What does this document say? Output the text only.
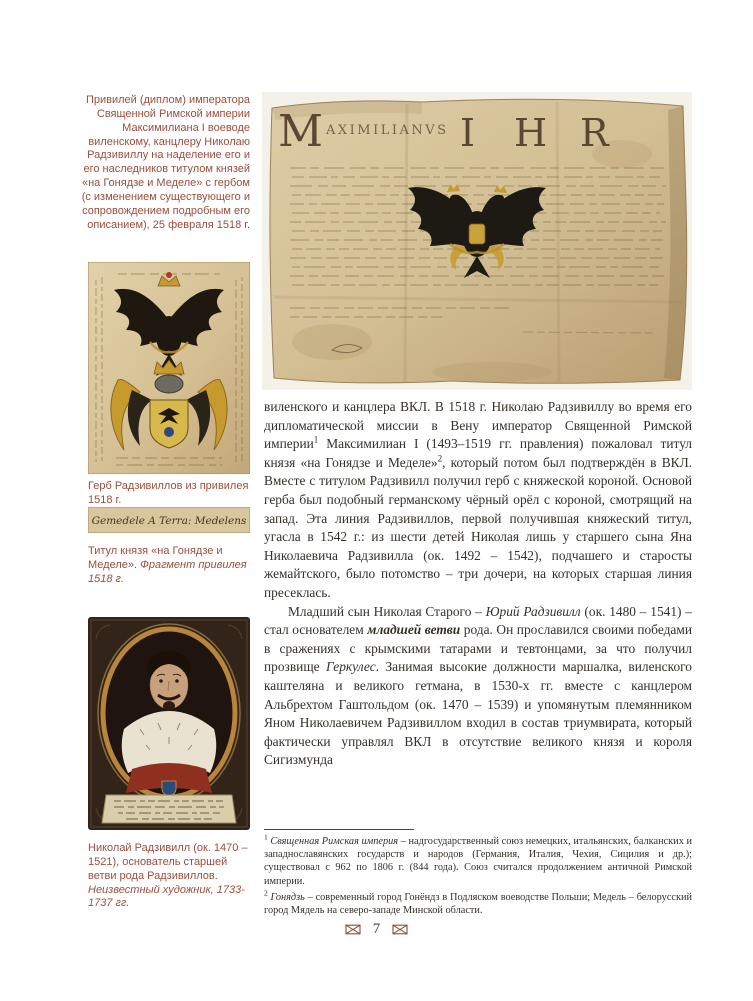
Привилей (диплом) императора Священной Римской империи Максимилиана I воеводе виленскому, канцлеру Николаю Радзивиллу на наделение его и его наследников титулом князей «на Гонядзе и Меделе» с гербом (с изменением существующего и сопровождением подробным его описанием), 25 февраля 1518 г.

Герб Радзивиллов из привилея 1518 г.

Gemedele A Terra: Medelens

Титул князя «на Гонядзе и Меделе». Фрагмент привилея 1518 г.

Николай Радзивилл (ок. 1470 – 1521), основатель старшей ветви рода Радзивиллов. Неизвестный художник, 1733-1737 гг.

M AXIMILIANVS I H R

виленского и канцлера ВКЛ. В 1518 г. Николаю Радзивиллу во время его дипломатической миссии в Вену император Священной Римской империи$^1$ Максимилиан I (1493–1519 гг. правления) пожаловал титул князя «на Гонядзе и Меделе»$^2$, который потом был подтверждён в ВКЛ. Вместе с титулом Радзивилл получил герб с княжеской короной. Основой герба был подобный германскому чёрный орёл с короной, смотрящий на запад. Эта линия Радзивиллов, первой получившая княжеский титул, угасла в 1542 г.: из шести детей Николая лишь у старшего сына Яна Николаевича Радзивилла (ок. 1492 – 1542), подчашего и старосты жемайтского, было потомство – три дочери, на которых старшая линия пресеклась.

Младший сын Николая Старого – Юрий Радзивилл (ок. 1480 – 1541) – стал основателем младшей ветви рода. Он прославился своими победами в сражениях с крымскими татарами и тевтонцами, за что получил прозвище Геркулес. Занимая высокие должности маршалка, виленского каштеляна и великого гетмана, в 1530-х гг. вместе с канцлером Альбрехтом Гаштольдом (ок. 1470 – 1539) и упомянутым племянником Яном Николаевичем Радзивиллом входил в состав триумвирата, который фактически управлял ВКЛ в отсутствие великого князя и короля Сигизмунда

$^1$ Священная Римская империя – надгосударственный союз немецких, итальянских, балканских и западнославянских государств и народов (Германия, Италия, Чехия, Сицилия и др.); существовал с 962 по 1806 г. (844 года). Союз считался продолжением античной Римской империи.

$^2$ Гонядзь – современный город Гонёндз в Подляском воеводстве Польши; Медель – белорусский город Мядель на северо-западе Минской области.

7
